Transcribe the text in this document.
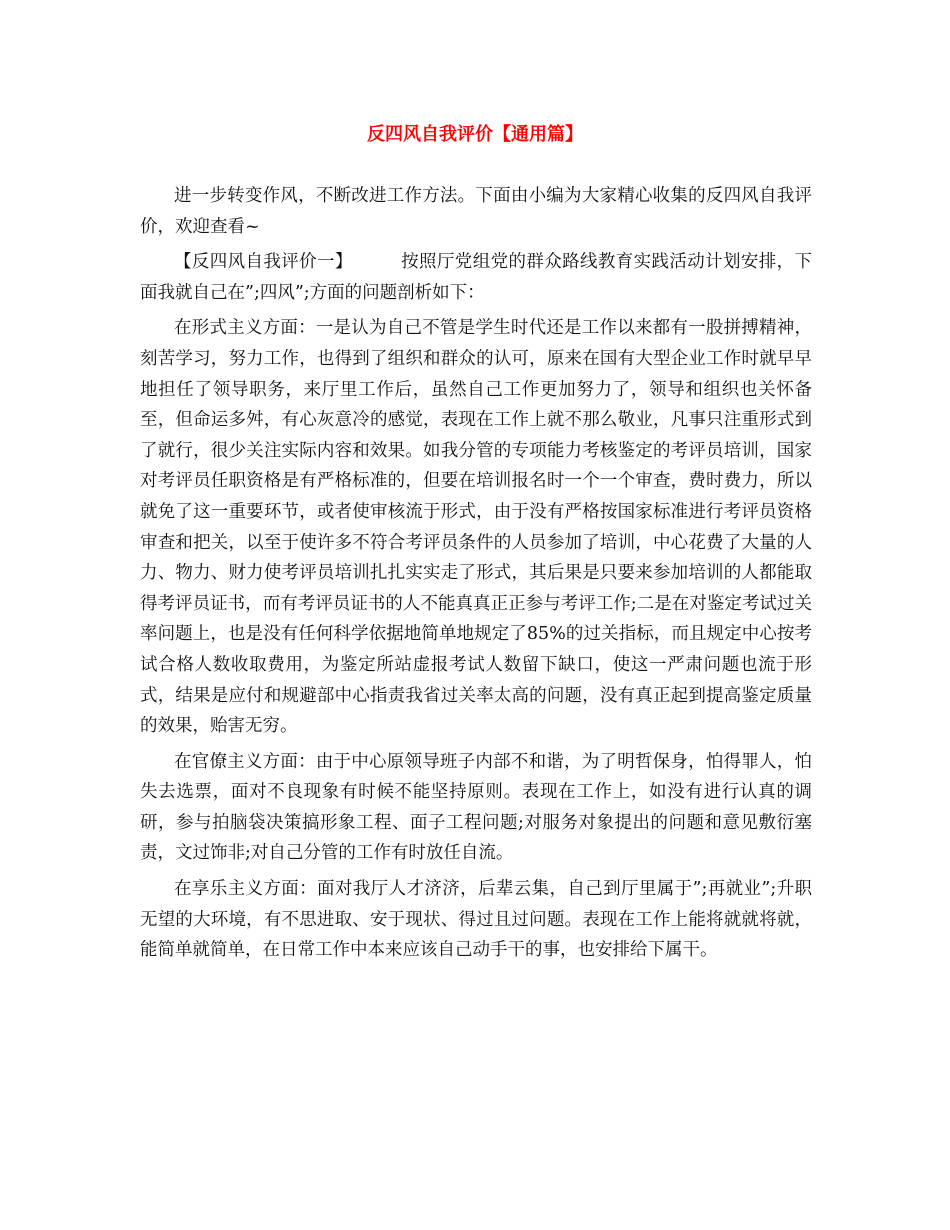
反四风自我评价【通用篇】

进一步转变作风，不断改进工作方法。下面由小编为大家精心收集的反四风自我评价，欢迎查看~

【反四风自我评价一】	按照厅党组党的群众路线教育实践活动计划安排，下面我就自己在”;四风”;方面的问题剖析如下：

在形式主义方面：一是认为自己不管是学生时代还是工作以来都有一股拼搏精神，刻苦学习，努力工作，也得到了组织和群众的认可，原来在国有大型企业工作时就早早地担任了领导职务，来厅里工作后，虽然自己工作更加努力了，领导和组织也关怀备至，但命运多舛，有心灰意冷的感觉，表现在工作上就不那么敬业，凡事只注重形式到了就行，很少关注实际内容和效果。如我分管的专项能力考核鉴定的考评员培训，国家对考评员任职资格是有严格标准的，但要在培训报名时一个一个审查，费时费力，所以就免了这一重要环节，或者使审核流于形式，由于没有严格按国家标准进行考评员资格审查和把关，以至于使许多不符合考评员条件的人员参加了培训，中心花费了大量的人力、物力、财力使考评员培训扎扎实实走了形式，其后果是只要来参加培训的人都能取得考评员证书，而有考评员证书的人不能真真正正参与考评工作;二是在对鉴定考试过关率问题上，也是没有任何科学依据地简单地规定了85%的过关指标，而且规定中心按考试合格人数收取费用，为鉴定所站虚报考试人数留下缺口，使这一严肃问题也流于形式，结果是应付和规避部中心指责我省过关率太高的问题，没有真正起到提高鉴定质量的效果，贻害无穷。

在官僚主义方面：由于中心原领导班子内部不和谐，为了明哲保身，怕得罪人，怕失去选票，面对不良现象有时候不能坚持原则。表现在工作上，如没有进行认真的调研，参与拍脑袋决策搞形象工程、面子工程问题;对服务对象提出的问题和意见敷衍塞责，文过饰非;对自己分管的工作有时放任自流。

在享乐主义方面：面对我厅人才济济，后辈云集，自己到厅里属于”;再就业”;升职无望的大环境，有不思进取、安于现状、得过且过问题。表现在工作上能将就就将就，能简单就简单，在日常工作中本来应该自己动手干的事，也安排给下属干。
